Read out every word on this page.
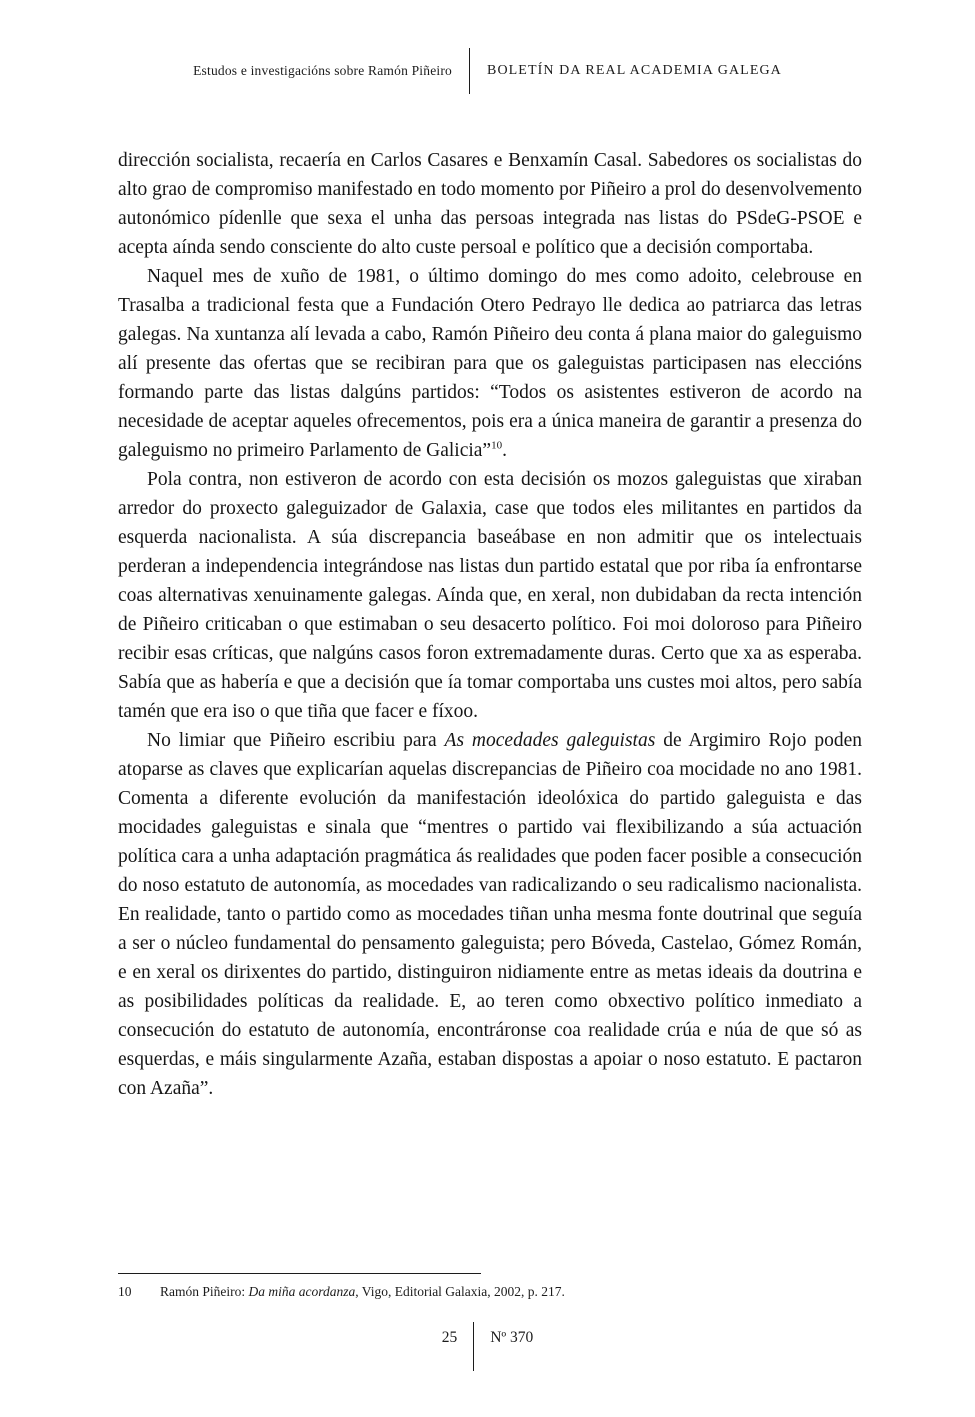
Estudos e investigacións sobre Ramón Piñeiro	BOLETÍN DA REAL ACADEMIA GALEGA

dirección socialista, recaería en Carlos Casares e Benxamín Casal. Sabedores os socialistas do alto grao de compromiso manifestado en todo momento por Piñeiro a prol do desenvolvemento autonómico pídenlle que sexa el unha das persoas integrada nas listas do PSdeG-PSOE e acepta aínda sendo consciente do alto custe persoal e político que a decisión comportaba.

Naquel mes de xuño de 1981, o último domingo do mes como adoito, celebrouse en Trasalba a tradicional festa que a Fundación Otero Pedrayo lle dedica ao patriarca das letras galegas. Na xuntanza alí levada a cabo, Ramón Piñeiro deu conta á plana maior do galeguismo alí presente das ofertas que se recibiran para que os galeguistas participasen nas eleccións formando parte das listas dalgúns partidos: “Todos os asistentes estiveron de acordo na necesidade de aceptar aqueles ofrecementos, pois era a única maneira de garantir a presenza do galeguismo no primeiro Parlamento de Galicia”$^{10}$.

Pola contra, non estiveron de acordo con esta decisión os mozos galeguistas que xiraban arredor do proxecto galeguizador de Galaxia, case que todos eles militantes en partidos da esquerda nacionalista. A súa discrepancia baseábase en non admitir que os intelectuais perderan a independencia integrándose nas listas dun partido estatal que por riba ía enfrontarse coas alternativas xenuinamente galegas. Aínda que, en xeral, non dubidaban da recta intención de Piñeiro criticaban o que estimaban o seu desacerto político. Foi moi doloroso para Piñeiro recibir esas críticas, que nalgúns casos foron extremadamente duras. Certo que xa as esperaba. Sabía que as habería e que a decisión que ía tomar comportaba uns custes moi altos, pero sabía tamén que era iso o que tiña que facer e fíxoo.

No limiar que Piñeiro escribiu para As mocedades galeguistas de Argimiro Rojo poden atoparse as claves que explicarían aquelas discrepancias de Piñeiro coa mocidade no ano 1981. Comenta a diferente evolución da manifestación ideolóxica do partido galeguista e das mocidades galeguistas e sinala que “mentres o partido vai flexibilizando a súa actuación política cara a unha adaptación pragmática ás realidades que poden facer posible a consecución do noso estatuto de autonomía, as mocedades van radicalizando o seu radicalismo nacionalista. En realidade, tanto o partido como as mocedades tiñan unha mesma fonte doutrinal que seguía a ser o núcleo fundamental do pensamento galeguista; pero Bóveda, Castelao, Gómez Román, e en xeral os dirixentes do partido, distinguiron nidiamente entre as metas ideais da doutrina e as posibilidades políticas da realidade. E, ao teren como obxectivo político inmediato a consecución do estatuto de autonomía, encontráronse coa realidade crúa e núa de que só as esquerdas, e máis singularmente Azaña, estaban dispostas a apoiar o noso estatuto. E pactaron con Azaña”.

10	Ramón Piñeiro: Da miña acordanza, Vigo, Editorial Galaxia, 2002, p. 217.
25 Nº 370
